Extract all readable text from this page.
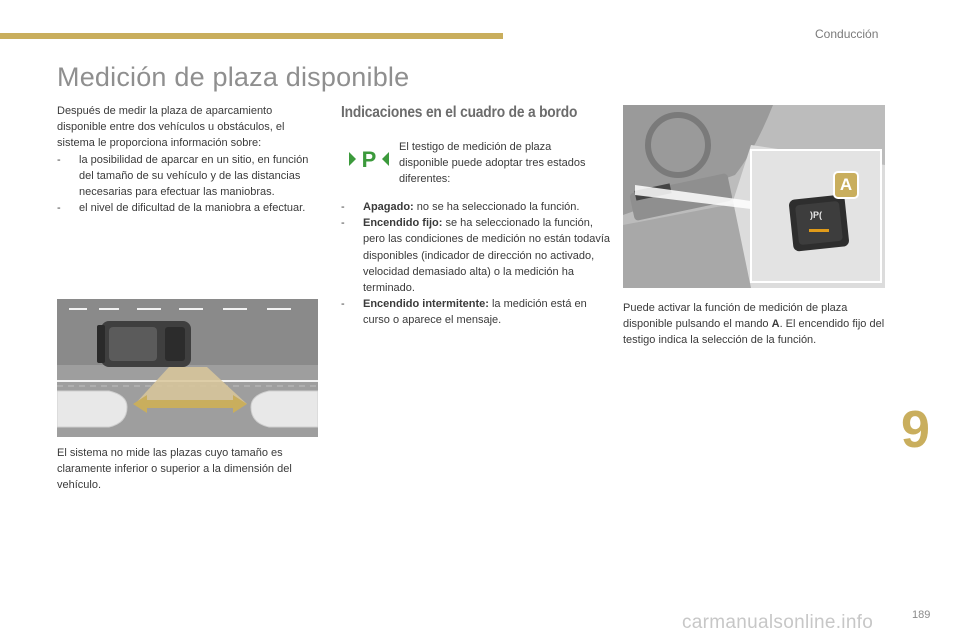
Conducción
Medición de plaza disponible

Después de medir la plaza de aparcamiento disponible entre dos vehículos u obstáculos, el sistema le proporciona información sobre:

-	la posibilidad de aparcar en un sitio, en función del tamaño de su vehículo y de las distancias necesarias para efectuar las maniobras.
-	el nivel de dificultad de la maniobra a efectuar.
El sistema no mide las plazas cuyo tamaño es claramente inferior o superior a la dimensión del vehículo.
Indicaciones en el cuadro de a bordo
P El testigo de medición de plaza disponible puede adoptar tres estados diferentes:
-	Apagado: no se ha seleccionado la función.
-	Encendido fijo: se ha seleccionado la función, pero las condiciones de medición no están todavía disponibles (indicador de dirección no activado, velocidad demasiado alta) o la medición ha terminado.
-	Encendido intermitente: la medición está en curso o aparece el mensaje.
)P(
A
Puede activar la función de medición de plaza disponible pulsando el mando A. El encendido fijo del testigo indica la selección de la función.
9
189
carmanualsonline.info
